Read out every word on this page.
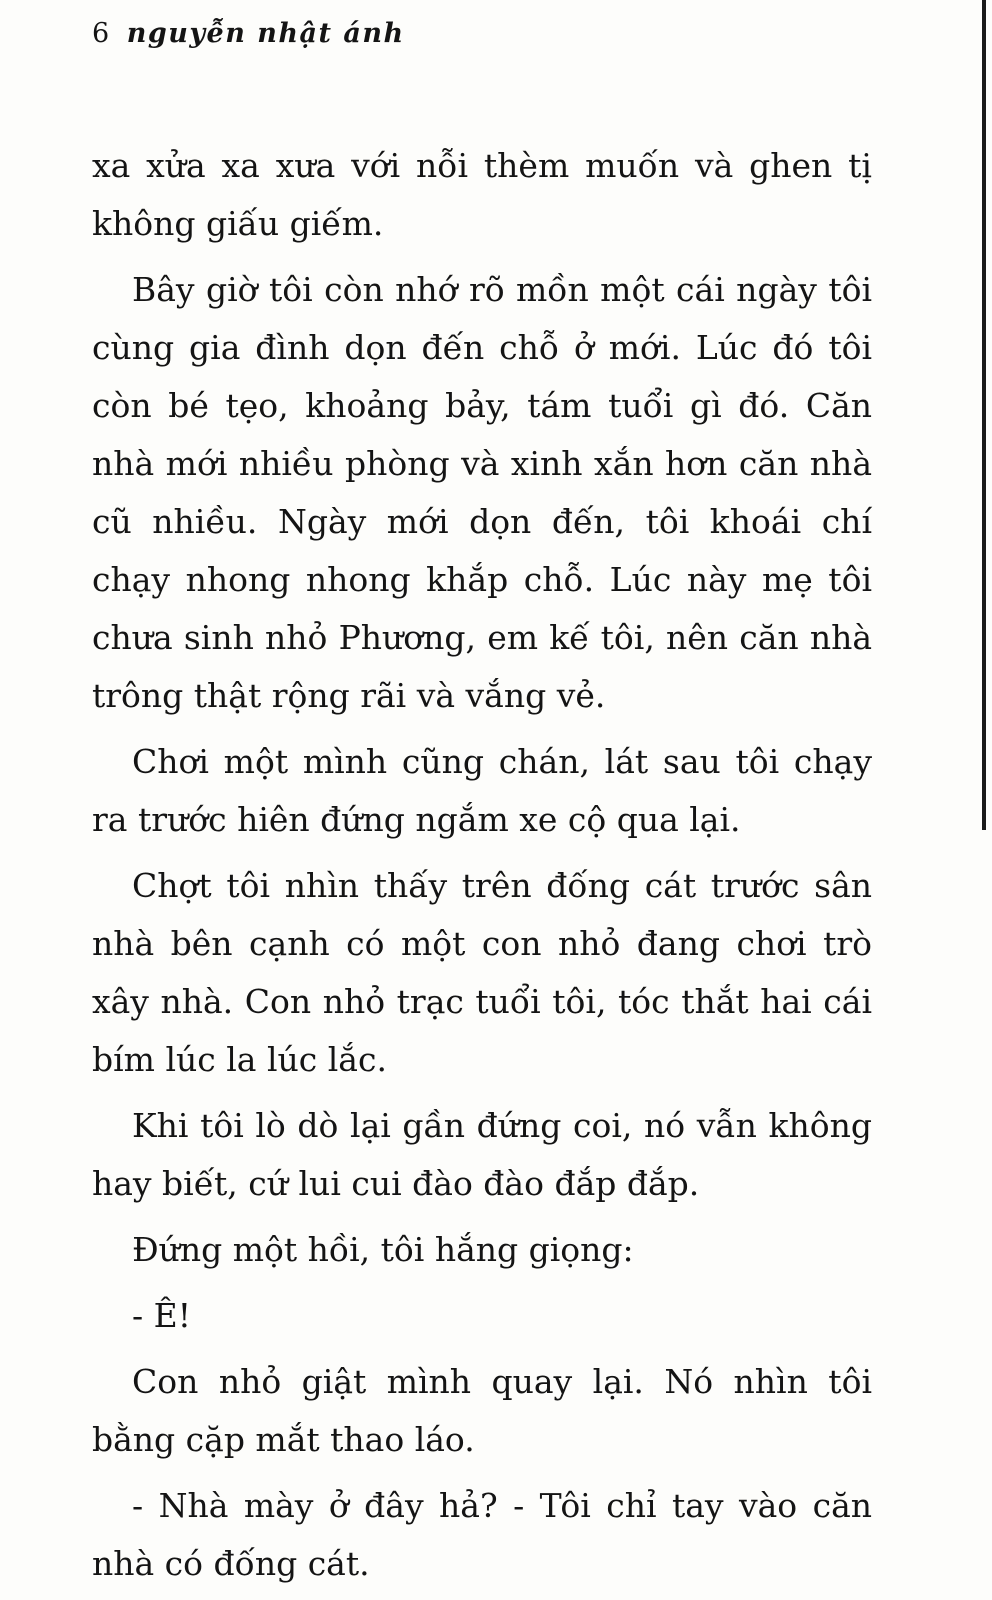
6 nguyễn nhật ánh

xa xửa xa xưa với nỗi thèm muốn và ghen tị không giấu giếm.

Bây giờ tôi còn nhớ rõ mồn một cái ngày tôi cùng gia đình dọn đến chỗ ở mới. Lúc đó tôi còn bé tẹo, khoảng bảy, tám tuổi gì đó. Căn nhà mới nhiều phòng và xinh xắn hơn căn nhà cũ nhiều. Ngày mới dọn đến, tôi khoái chí chạy nhong nhong khắp chỗ. Lúc này mẹ tôi chưa sinh nhỏ Phương, em kế tôi, nên căn nhà trông thật rộng rãi và vắng vẻ.

Chơi một mình cũng chán, lát sau tôi chạy ra trước hiên đứng ngắm xe cộ qua lại.

Chợt tôi nhìn thấy trên đống cát trước sân nhà bên cạnh có một con nhỏ đang chơi trò xây nhà. Con nhỏ trạc tuổi tôi, tóc thắt hai cái bím lúc la lúc lắc.

Khi tôi lò dò lại gần đứng coi, nó vẫn không hay biết, cứ lui cui đào đào đắp đắp.

Đứng một hồi, tôi hắng giọng:

- Ê!

Con nhỏ giật mình quay lại. Nó nhìn tôi bằng cặp mắt thao láo.

- Nhà mày ở đây hả? - Tôi chỉ tay vào căn nhà có đống cát.
